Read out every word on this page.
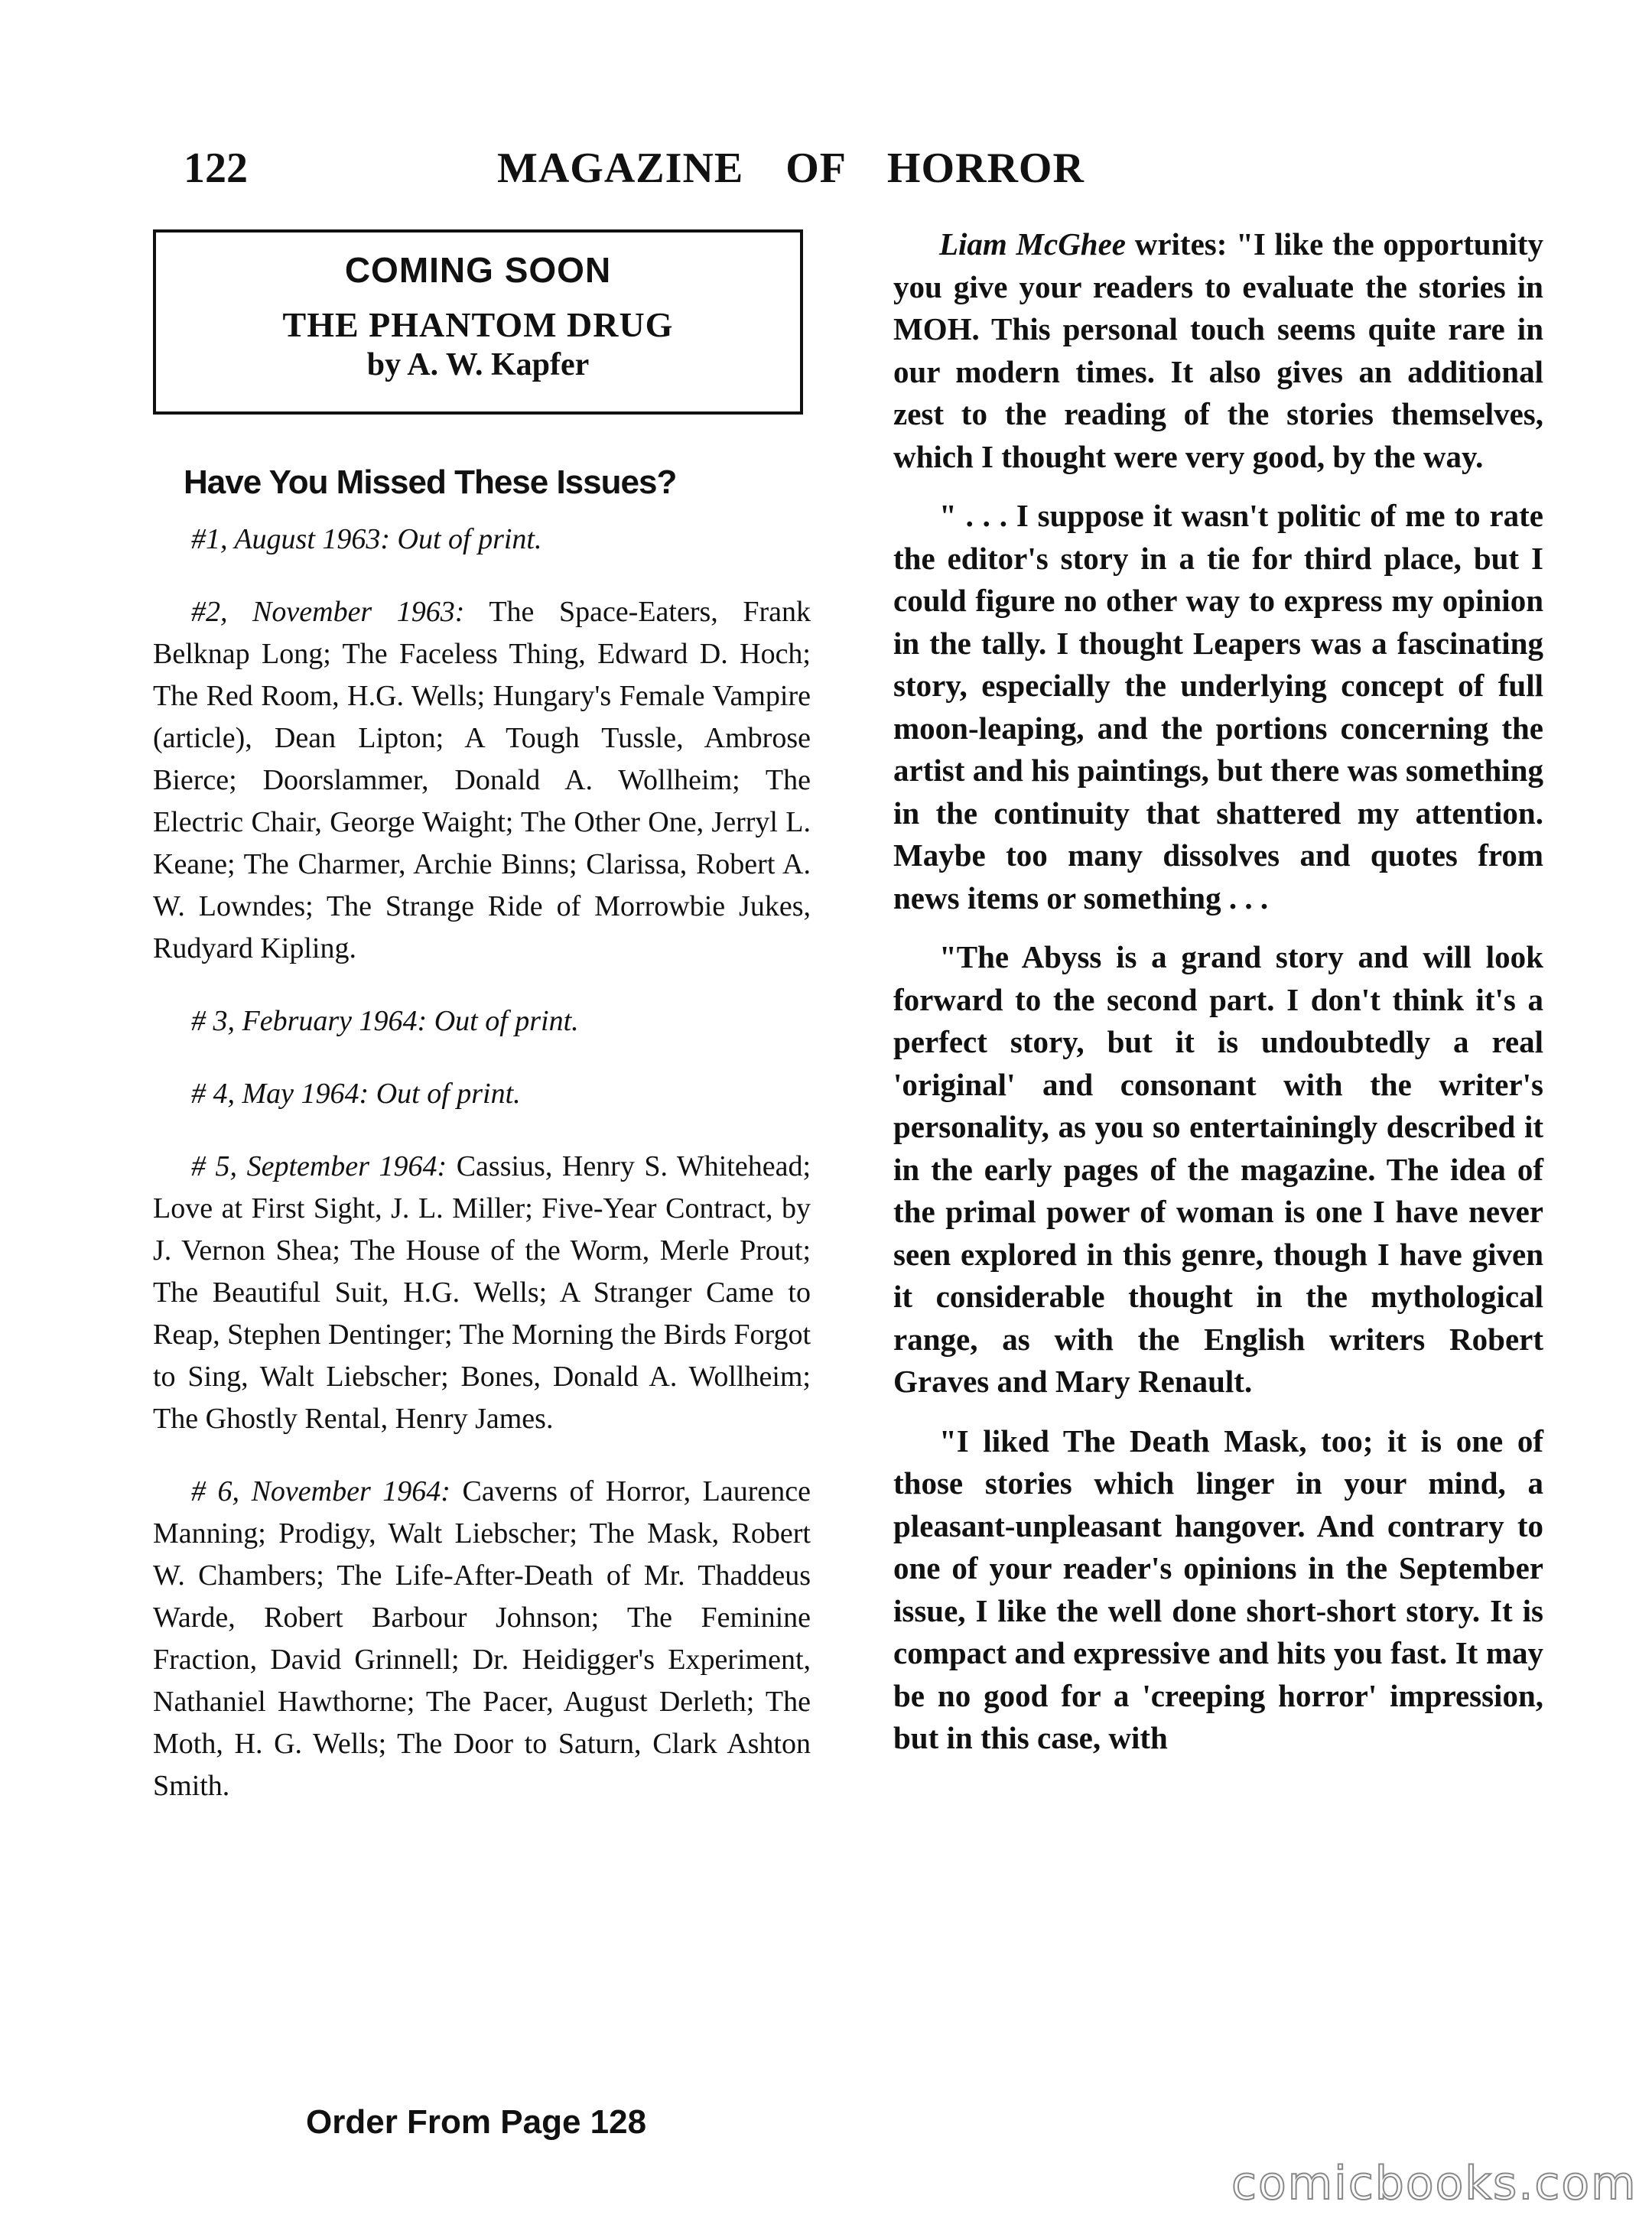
122	MAGAZINE OF HORROR
COMING SOON
THE PHANTOM DRUG
by A. W. Kapfer
Have You Missed These Issues?
#1, August 1963: Out of print.
#2, November 1963: The Space-Eaters, Frank Belknap Long; The Faceless Thing, Edward D. Hoch; The Red Room, H.G. Wells; Hungary's Female Vampire (article), Dean Lipton; A Tough Tussle, Ambrose Bierce; Doorslammer, Donald A. Wollheim; The Electric Chair, George Waight; The Other One, Jerryl L. Keane; The Charmer, Archie Binns; Clarissa, Robert A. W. Lowndes; The Strange Ride of Morrowbie Jukes, Rudyard Kipling.
# 3, February 1964: Out of print.
# 4, May 1964: Out of print.
# 5, September 1964: Cassius, Henry S. Whitehead; Love at First Sight, J. L. Miller; Five-Year Contract, by J. Vernon Shea; The House of the Worm, Merle Prout; The Beautiful Suit, H.G. Wells; A Stranger Came to Reap, Stephen Dentinger; The Morning the Birds Forgot to Sing, Walt Liebscher; Bones, Donald A. Wollheim; The Ghostly Rental, Henry James.
# 6, November 1964: Caverns of Horror, Laurence Manning; Prodigy, Walt Liebscher; The Mask, Robert W. Chambers; The Life-After-Death of Mr. Thaddeus Warde, Robert Barbour Johnson; The Feminine Fraction, David Grinnell; Dr. Heidigger's Experiment, Nathaniel Hawthorne; The Pacer, August Derleth; The Moth, H. G. Wells; The Door to Saturn, Clark Ashton Smith.
Order From Page 128
Liam McGhee writes: "I like the opportunity you give your readers to evaluate the stories in MOH. This personal touch seems quite rare in our modern times. It also gives an additional zest to the reading of the stories themselves, which I thought were very good, by the way.
" . . . I suppose it wasn't politic of me to rate the editor's story in a tie for third place, but I could figure no other way to express my opinion in the tally. I thought Leapers was a fascinating story, especially the underlying concept of full moon-leaping, and the portions concerning the artist and his paintings, but there was something in the continuity that shattered my attention. Maybe too many dissolves and quotes from news items or something . . .
"The Abyss is a grand story and will look forward to the second part. I don't think it's a perfect story, but it is undoubtedly a real 'original' and consonant with the writer's personality, as you so entertainingly described it in the early pages of the magazine. The idea of the primal power of woman is one I have never seen explored in this genre, though I have given it considerable thought in the mythological range, as with the English writers Robert Graves and Mary Renault.
"I liked The Death Mask, too; it is one of those stories which linger in your mind, a pleasant-unpleasant hangover. And contrary to one of your reader's opinions in the September issue, I like the well done short-short story. It is compact and expressive and hits you fast. It may be no good for a 'creeping horror' impression, but in this case, with
comicbooks.com
